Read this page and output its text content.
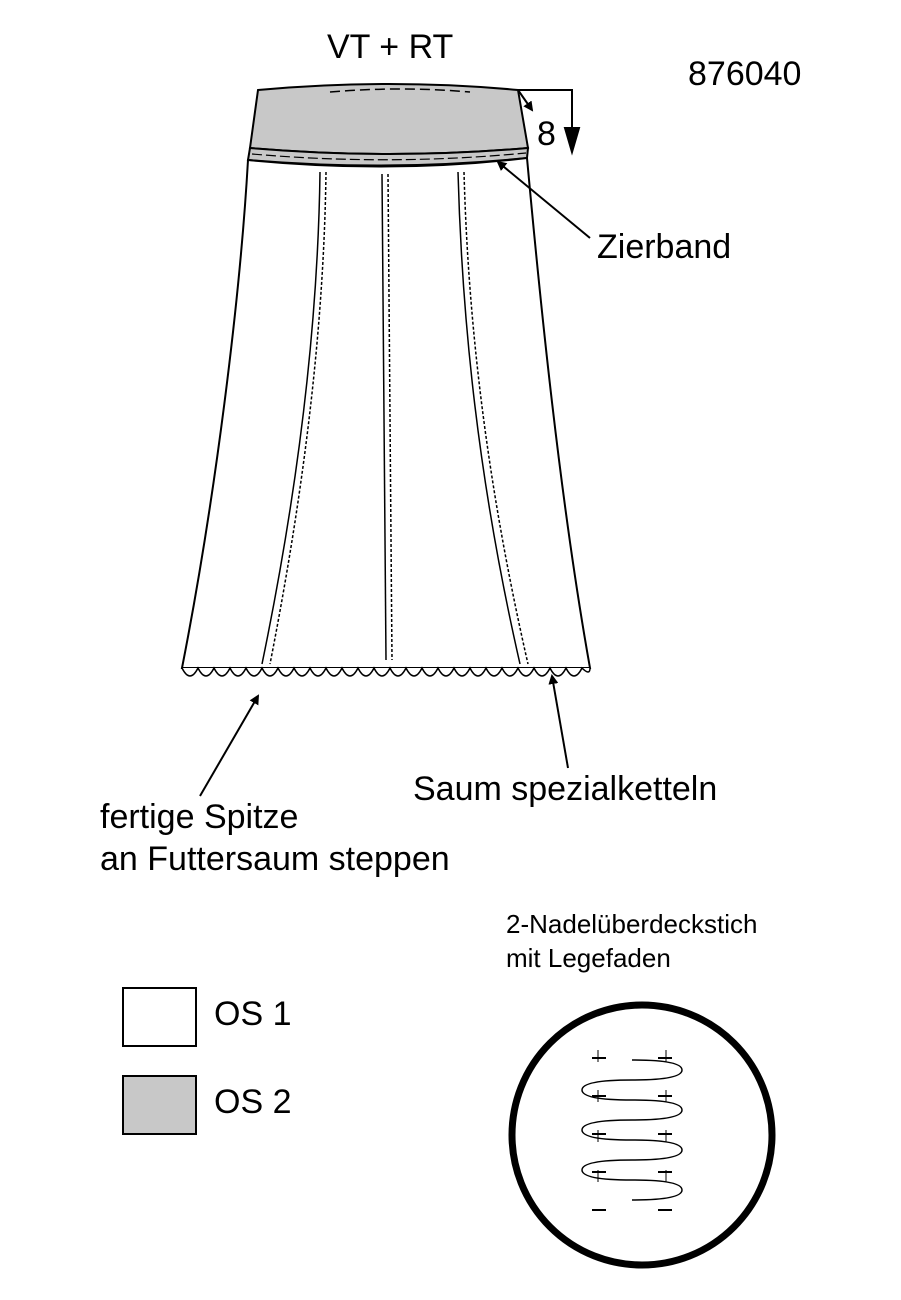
8
VT + RT
876040
Zierband
Saum spezialketteln
fertige Spitze
an Futtersaum steppen
2-Nadelüberdeckstich
mit Legefaden
OS 1
OS 2
